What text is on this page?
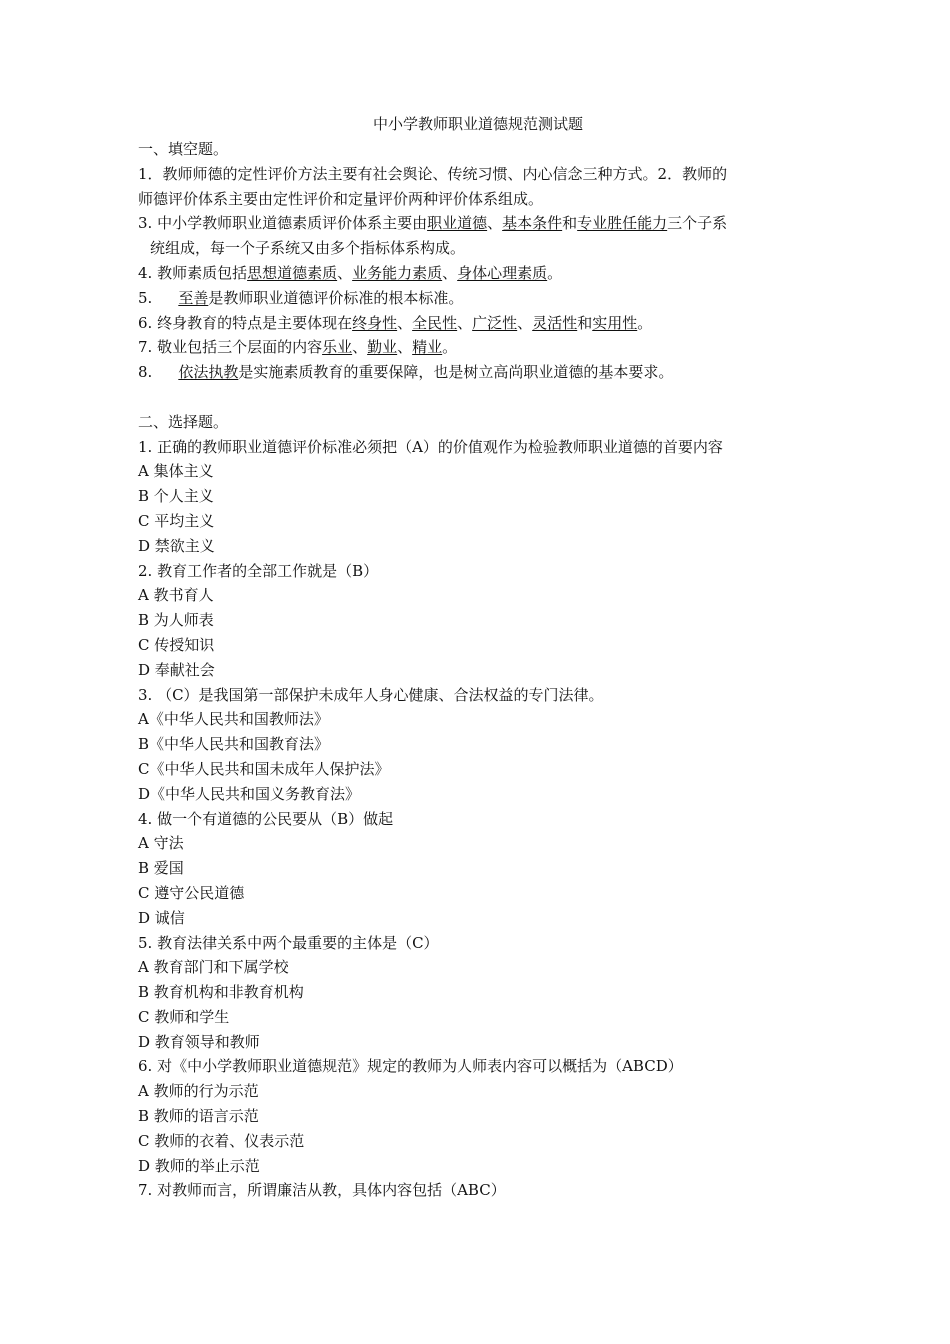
中小学教师职业道德规范测试题
一、填空题。
1．教师师德的定性评价方法主要有社会舆论、传统习惯、内心信念三种方式。2．教师的
师德评价体系主要由定性评价和定量评价两种评价体系组成。
3. 中小学教师职业道德素质评价体系主要由职业道德、基本条件和专业胜任能力三个子系
统组成，每一个子系统又由多个指标体系构成。
4. 教师素质包括思想道德素质、业务能力素质、身体心理素质。
5. 至善是教师职业道德评价标准的根本标准。
6. 终身教育的特点是主要体现在终身性、全民性、广泛性、灵活性和实用性。
7. 敬业包括三个层面的内容乐业、勤业、精业。
8. 依法执教是实施素质教育的重要保障，也是树立高尚职业道德的基本要求。
二、选择题。
1. 正确的教师职业道德评价标准必须把（A）的价值观作为检验教师职业道德的首要内容
A 集体主义
B 个人主义
C 平均主义
D 禁欲主义
2. 教育工作者的全部工作就是（B）
A 教书育人
B 为人师表
C 传授知识
D 奉献社会
3. （C）是我国第一部保护未成年人身心健康、合法权益的专门法律。
A《中华人民共和国教师法》
B《中华人民共和国教育法》
C《中华人民共和国未成年人保护法》
D《中华人民共和国义务教育法》
4. 做一个有道德的公民要从（B）做起
A 守法
B 爱国
C 遵守公民道德
D 诚信
5. 教育法律关系中两个最重要的主体是（C）
A 教育部门和下属学校
B 教育机构和非教育机构
C 教师和学生
D 教育领导和教师
6. 对《中小学教师职业道德规范》规定的教师为人师表内容可以概括为（ABCD）
A 教师的行为示范
B 教师的语言示范
C 教师的衣着、仪表示范
D 教师的举止示范
7. 对教师而言，所谓廉洁从教，具体内容包括（ABC）
